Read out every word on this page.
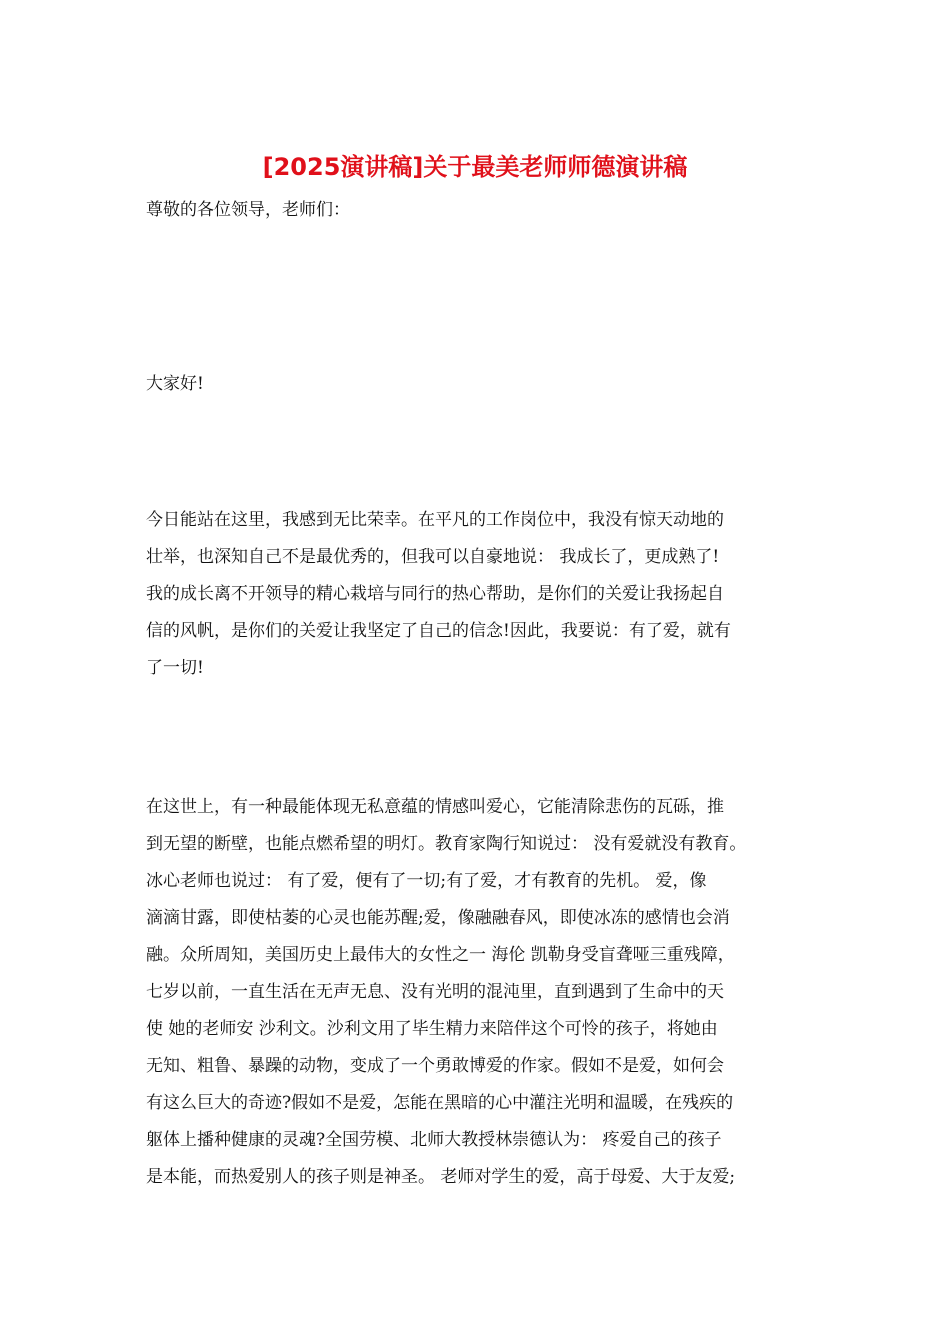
[2025演讲稿]关于最美老师师德演讲稿
尊敬的各位领导，老师们：
大家好!
今日能站在这里，我感到无比荣幸。在平凡的工作岗位中，我没有惊天动地的
壮举，也深知自己不是最优秀的，但我可以自豪地说： 我成长了，更成熟了!
我的成长离不开领导的精心栽培与同行的热心帮助，是你们的关爱让我扬起自
信的风帆，是你们的关爱让我坚定了自己的信念!因此，我要说：有了爱，就有
了一切!
在这世上，有一种最能体现无私意蕴的情感叫爱心，它能清除悲伤的瓦砾，推
到无望的断壁，也能点燃希望的明灯。教育家陶行知说过： 没有爱就没有教育。
冰心老师也说过： 有了爱，便有了一切;有了爱，才有教育的先机。 爱，像
滴滴甘露，即使枯萎的心灵也能苏醒;爱，像融融春风，即使冰冻的感情也会消
融。众所周知，美国历史上最伟大的女性之一 海伦 凯勒身受盲聋哑三重残障，
七岁以前，一直生活在无声无息、没有光明的混沌里，直到遇到了生命中的天
使 她的老师安 沙利文。沙利文用了毕生精力来陪伴这个可怜的孩子，将她由
无知、粗鲁、暴躁的动物，变成了一个勇敢博爱的作家。假如不是爱，如何会
有这么巨大的奇迹?假如不是爱，怎能在黑暗的心中灌注光明和温暖，在残疾的
躯体上播种健康的灵魂?全国劳模、北师大教授林崇德认为： 疼爱自己的孩子
是本能，而热爱别人的孩子则是神圣。 老师对学生的爱，高于母爱、大于友爱;
